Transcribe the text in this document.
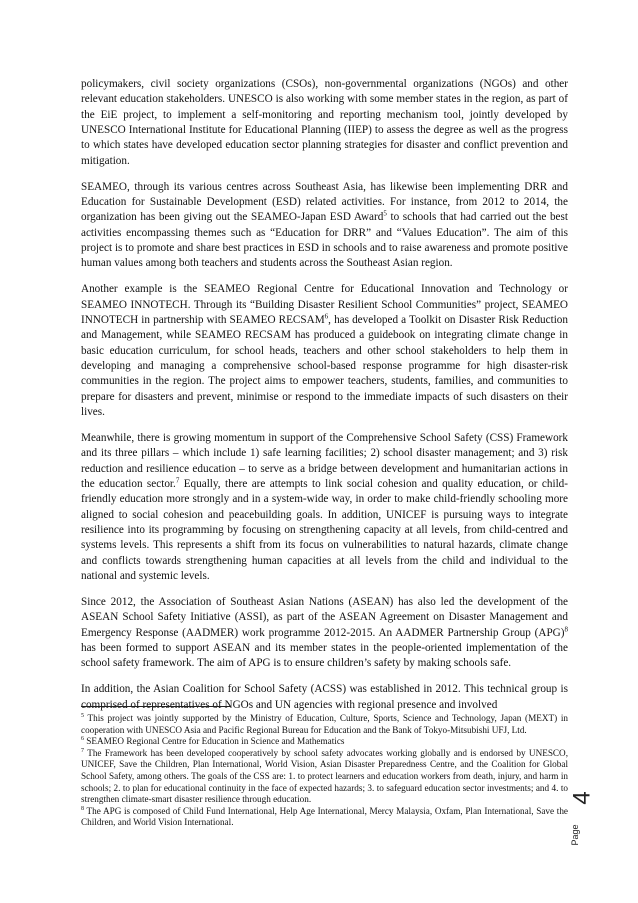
policymakers, civil society organizations (CSOs), non-governmental organizations (NGOs) and other relevant education stakeholders. UNESCO is also working with some member states in the region, as part of the EiE project, to implement a self-monitoring and reporting mechanism tool, jointly developed by UNESCO International Institute for Educational Planning (IIEP) to assess the degree as well as the progress to which states have developed education sector planning strategies for disaster and conflict prevention and mitigation.

SEAMEO, through its various centres across Southeast Asia, has likewise been implementing DRR and Education for Sustainable Development (ESD) related activities. For instance, from 2012 to 2014, the organization has been giving out the SEAMEO-Japan ESD Award$^5$ to schools that had carried out the best activities encompassing themes such as “Education for DRR” and “Values Education”. The aim of this project is to promote and share best practices in ESD in schools and to raise awareness and promote positive human values among both teachers and students across the Southeast Asian region.

Another example is the SEAMEO Regional Centre for Educational Innovation and Technology or SEAMEO INNOTECH. Through its “Building Disaster Resilient School Communities” project, SEAMEO INNOTECH in partnership with SEAMEO RECSAM$^6$, has developed a Toolkit on Disaster Risk Reduction and Management, while SEAMEO RECSAM has produced a guidebook on integrating climate change in basic education curriculum, for school heads, teachers and other school stakeholders to help them in developing and managing a comprehensive school-based response programme for high disaster-risk communities in the region. The project aims to empower teachers, students, families, and communities to prepare for disasters and prevent, minimise or respond to the immediate impacts of such disasters on their lives.

Meanwhile, there is growing momentum in support of the Comprehensive School Safety (CSS) Framework and its three pillars – which include 1) safe learning facilities; 2) school disaster management; and 3) risk reduction and resilience education – to serve as a bridge between development and humanitarian actions in the education sector.$^7$ Equally, there are attempts to link social cohesion and quality education, or child-friendly education more strongly and in a system-wide way, in order to make child-friendly schooling more aligned to social cohesion and peacebuilding goals. In addition, UNICEF is pursuing ways to integrate resilience into its programming by focusing on strengthening capacity at all levels, from child-centred and systems levels. This represents a shift from its focus on vulnerabilities to natural hazards, climate change and conflicts towards strengthening human capacities at all levels from the child and individual to the national and systemic levels.

Since 2012, the Association of Southeast Asian Nations (ASEAN) has also led the development of the ASEAN School Safety Initiative (ASSI), as part of the ASEAN Agreement on Disaster Management and Emergency Response (AADMER) work programme 2012-2015. An AADMER Partnership Group (APG)$^8$ has been formed to support ASEAN and its member states in the people-oriented implementation of the school safety framework. The aim of APG is to ensure children’s safety by making schools safe.

In addition, the Asian Coalition for School Safety (ACSS) was established in 2012. This technical group is comprised of representatives of NGOs and UN agencies with regional presence and involved

$^5$ This project was jointly supported by the Ministry of Education, Culture, Sports, Science and Technology, Japan (MEXT) in cooperation with UNESCO Asia and Pacific Regional Bureau for Education and the Bank of Tokyo-Mitsubishi UFJ, Ltd.
$^6$ SEAMEO Regional Centre for Education in Science and Mathematics
$^7$ The Framework has been developed cooperatively by school safety advocates working globally and is endorsed by UNESCO, UNICEF, Save the Children, Plan International, World Vision, Asian Disaster Preparedness Centre, and the Coalition for Global School Safety, among others. The goals of the CSS are: 1. to protect learners and education workers from death, injury, and harm in schools; 2. to plan for educational continuity in the face of expected hazards; 3. to safeguard education sector investments; and 4. to strengthen climate-smart disaster resilience through education.
$^8$ The APG is composed of Child Fund International, Help Age International, Mercy Malaysia, Oxfam, Plan International, Save the Children, and World Vision International.
Page
4
